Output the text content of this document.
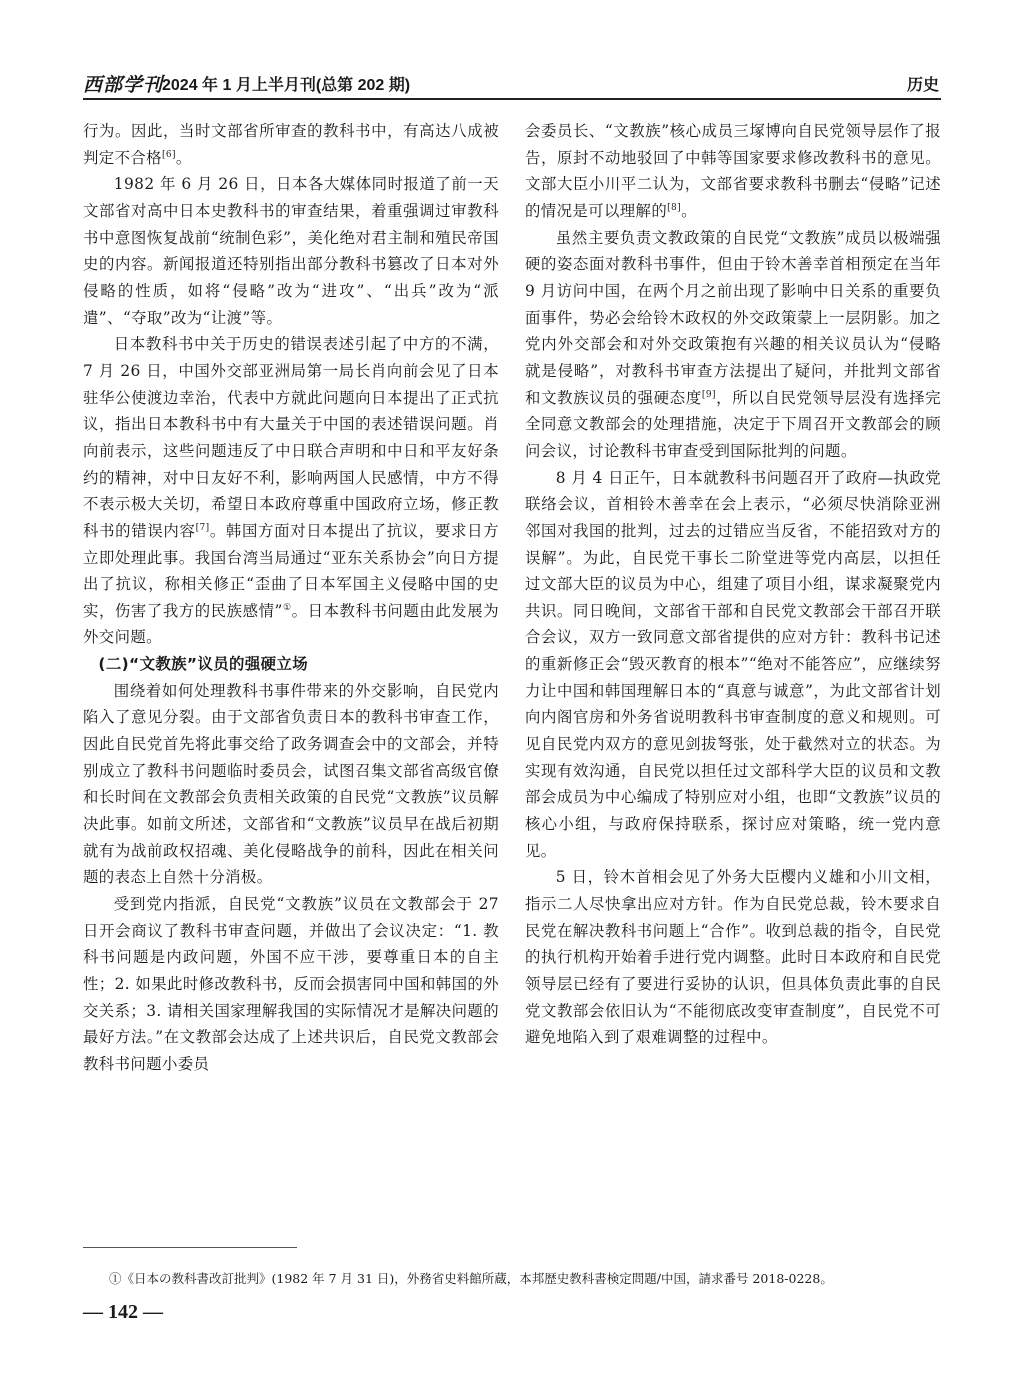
西部学刊
2024 年 1 月上半月刊(总第 202 期)	历史

行为。因此，当时文部省所审查的教科书中，有高达八成被判定不合格[6]。

1982 年 6 月 26 日，日本各大媒体同时报道了前一天文部省对高中日本史教科书的审查结果，着重强调过审教科书中意图恢复战前“统制色彩”，美化绝对君主制和殖民帝国史的内容。新闻报道还特别指出部分教科书篡改了日本对外侵略的性质，如将“侵略”改为“进攻”、“出兵”改为“派遣”、“夺取”改为“让渡”等。

日本教科书中关于历史的错误表述引起了中方的不满，7 月 26 日，中国外交部亚洲局第一局长肖向前会见了日本驻华公使渡边幸治，代表中方就此问题向日本提出了正式抗议，指出日本教科书中有大量关于中国的表述错误问题。肖向前表示，这些问题违反了中日联合声明和中日和平友好条约的精神，对中日友好不利，影响两国人民感情，中方不得不表示极大关切，希望日本政府尊重中国政府立场，修正教科书的错误内容[7]。韩国方面对日本提出了抗议，要求日方立即处理此事。我国台湾当局通过“亚东关系协会”向日方提出了抗议，称相关修正“歪曲了日本军国主义侵略中国的史实，伤害了我方的民族感情”①。日本教科书问题由此发展为外交问题。

(二)“文教族”议员的强硬立场

围绕着如何处理教科书事件带来的外交影响，自民党内陷入了意见分裂。由于文部省负责日本的教科书审查工作，因此自民党首先将此事交给了政务调查会中的文部会，并特别成立了教科书问题临时委员会，试图召集文部省高级官僚和长时间在文教部会负责相关政策的自民党“文教族”议员解决此事。如前文所述，文部省和“文教族”议员早在战后初期就有为战前政权招魂、美化侵略战争的前科，因此在相关问题的表态上自然十分消极。

受到党内指派，自民党“文教族”议员在文教部会于 27 日开会商议了教科书审查问题，并做出了会议决定：“1. 教科书问题是内政问题，外国不应干涉，要尊重日本的自主性；2. 如果此时修改教科书，反而会损害同中国和韩国的外交关系；3. 请相关国家理解我国的实际情况才是解决问题的最好方法。”在文教部会达成了上述共识后，自民党文教部会教科书问题小委员

会委员长、“文教族”核心成员三塚博向自民党领导层作了报告，原封不动地驳回了中韩等国家要求修改教科书的意见。文部大臣小川平二认为，文部省要求教科书删去“侵略”记述的情况是可以理解的[8]。

虽然主要负责文教政策的自民党“文教族”成员以极端强硬的姿态面对教科书事件，但由于铃木善幸首相预定在当年 9 月访问中国，在两个月之前出现了影响中日关系的重要负面事件，势必会给铃木政权的外交政策蒙上一层阴影。加之党内外交部会和对外交政策抱有兴趣的相关议员认为“侵略就是侵略”，对教科书审查方法提出了疑问，并批判文部省和文教族议员的强硬态度[9]，所以自民党领导层没有选择完全同意文教部会的处理措施，决定于下周召开文教部会的顾问会议，讨论教科书审查受到国际批判的问题。

8 月 4 日正午，日本就教科书问题召开了政府—执政党联络会议，首相铃木善幸在会上表示，“必须尽快消除亚洲邻国对我国的批判，过去的过错应当反省，不能招致对方的误解”。为此，自民党干事长二阶堂进等党内高层，以担任过文部大臣的议员为中心，组建了项目小组，谋求凝聚党内共识。同日晚间，文部省干部和自民党文教部会干部召开联合会议，双方一致同意文部省提供的应对方针：教科书记述的重新修正会“毁灭教育的根本”“绝对不能答应”，应继续努力让中国和韩国理解日本的“真意与诚意”，为此文部省计划向内阁官房和外务省说明教科书审查制度的意义和规则。可见自民党内双方的意见剑拔弩张，处于截然对立的状态。为实现有效沟通，自民党以担任过文部科学大臣的议员和文教部会成员为中心编成了特别应对小组，也即“文教族”议员的核心小组，与政府保持联系，探讨应对策略，统一党内意见。

5 日，铃木首相会见了外务大臣樱内义雄和小川文相，指示二人尽快拿出应对方针。作为自民党总裁，铃木要求自民党在解决教科书问题上“合作”。收到总裁的指令，自民党的执行机构开始着手进行党内调整。此时日本政府和自民党领导层已经有了要进行妥协的认识，但具体负责此事的自民党文教部会依旧认为“不能彻底改变审查制度”，自民党不可避免地陷入到了艰难调整的过程中。

①《日本の教科書改訂批判》(1982 年 7 月 31 日)，外務省史料館所蔵，本邦歴史教科書検定問題/中国，請求番号 2018-0228。
— 142 —
